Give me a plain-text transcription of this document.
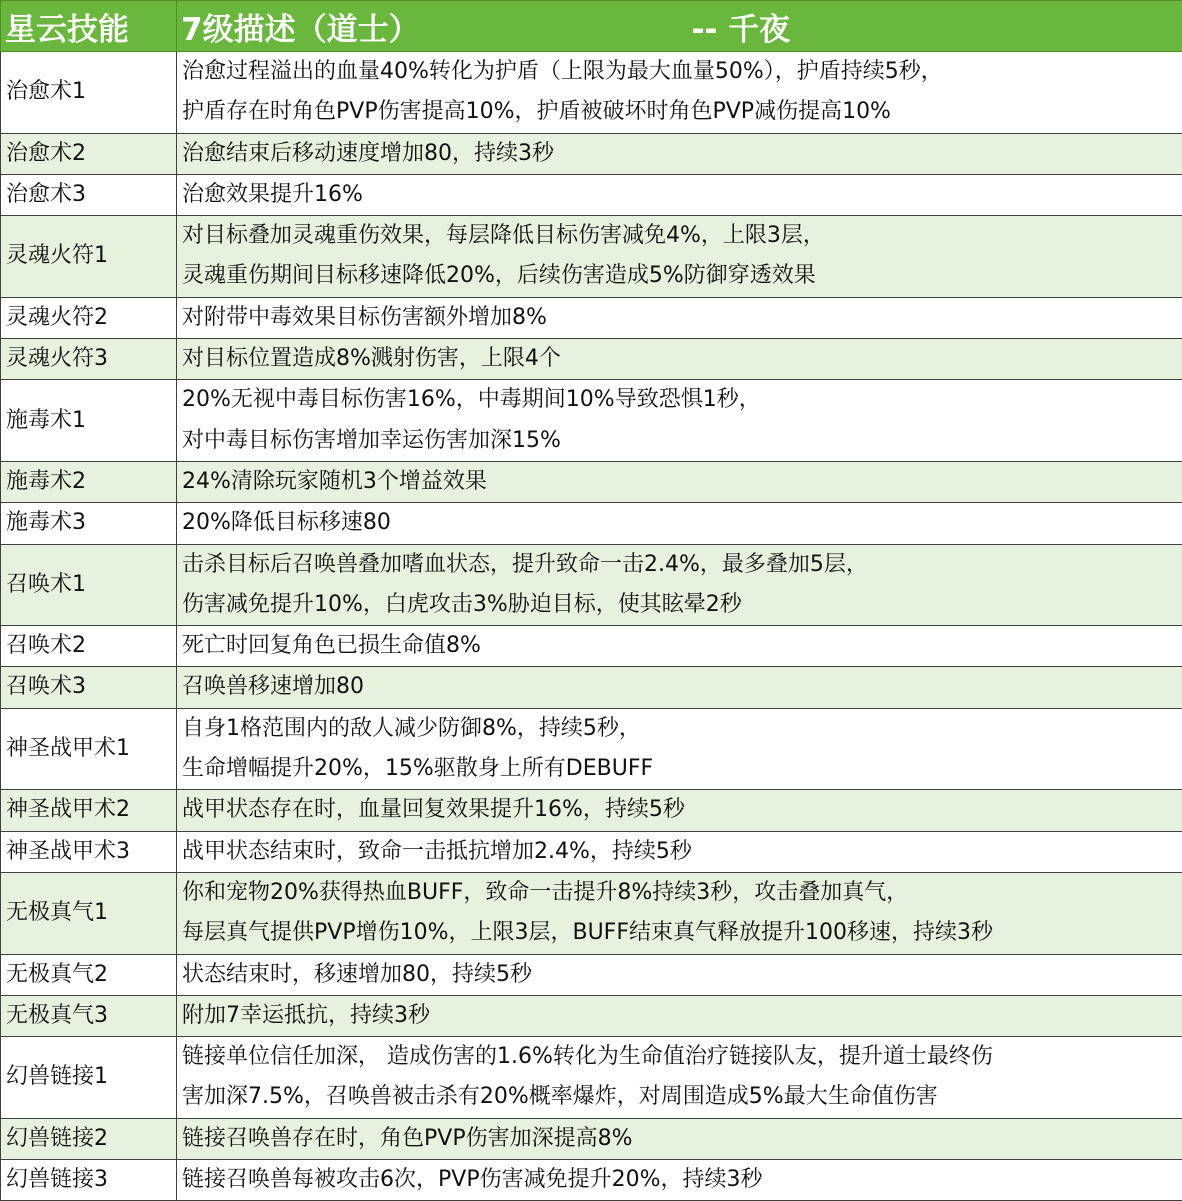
星云技能	7级描述（道士） -- 千夜

治愈术1	治愈过程溢出的血量40%转化为护盾（上限为最大血量50%），护盾持续5秒，
护盾存在时角色PVP伤害提高10%，护盾被破坏时角色PVP减伤提高10%

治愈术2	治愈结束后移动速度增加80，持续3秒

治愈术3	治愈效果提升16%

灵魂火符1	对目标叠加灵魂重伤效果，每层降低目标伤害减免4%，上限3层，
灵魂重伤期间目标移速降低20%，后续伤害造成5%防御穿透效果

灵魂火符2	对附带中毒效果目标伤害额外增加8%

灵魂火符3	对目标位置造成8%溅射伤害，上限4个

施毒术1	20%无视中毒目标伤害16%，中毒期间10%导致恐惧1秒，
对中毒目标伤害增加幸运伤害加深15%

施毒术2	24%清除玩家随机3个增益效果

施毒术3	20%降低目标移速80

召唤术1	击杀目标后召唤兽叠加嗜血状态，提升致命一击2.4%，最多叠加5层，
伤害减免提升10%，白虎攻击3%胁迫目标，使其眩晕2秒

召唤术2	死亡时回复角色已损生命值8%

召唤术3	召唤兽移速增加80

神圣战甲术1	自身1格范围内的敌人减少防御8%，持续5秒，
生命增幅提升20%，15%驱散身上所有DEBUFF

神圣战甲术2	战甲状态存在时，血量回复效果提升16%，持续5秒

神圣战甲术3	战甲状态结束时，致命一击抵抗增加2.4%，持续5秒

无极真气1	你和宠物20%获得热血BUFF，致命一击提升8%持续3秒，攻击叠加真气，
每层真气提供PVP增伤10%，上限3层，BUFF结束真气释放提升100移速，持续3秒

无极真气2	状态结束时，移速增加80，持续5秒

无极真气3	附加7幸运抵抗，持续3秒

幻兽链接1	链接单位信任加深， 造成伤害的1.6%转化为生命值治疗链接队友，提升道士最终伤
害加深7.5%，召唤兽被击杀有20%概率爆炸，对周围造成5%最大生命值伤害

幻兽链接2	链接召唤兽存在时，角色PVP伤害加深提高8%

幻兽链接3	链接召唤兽每被攻击6次，PVP伤害减免提升20%，持续3秒
